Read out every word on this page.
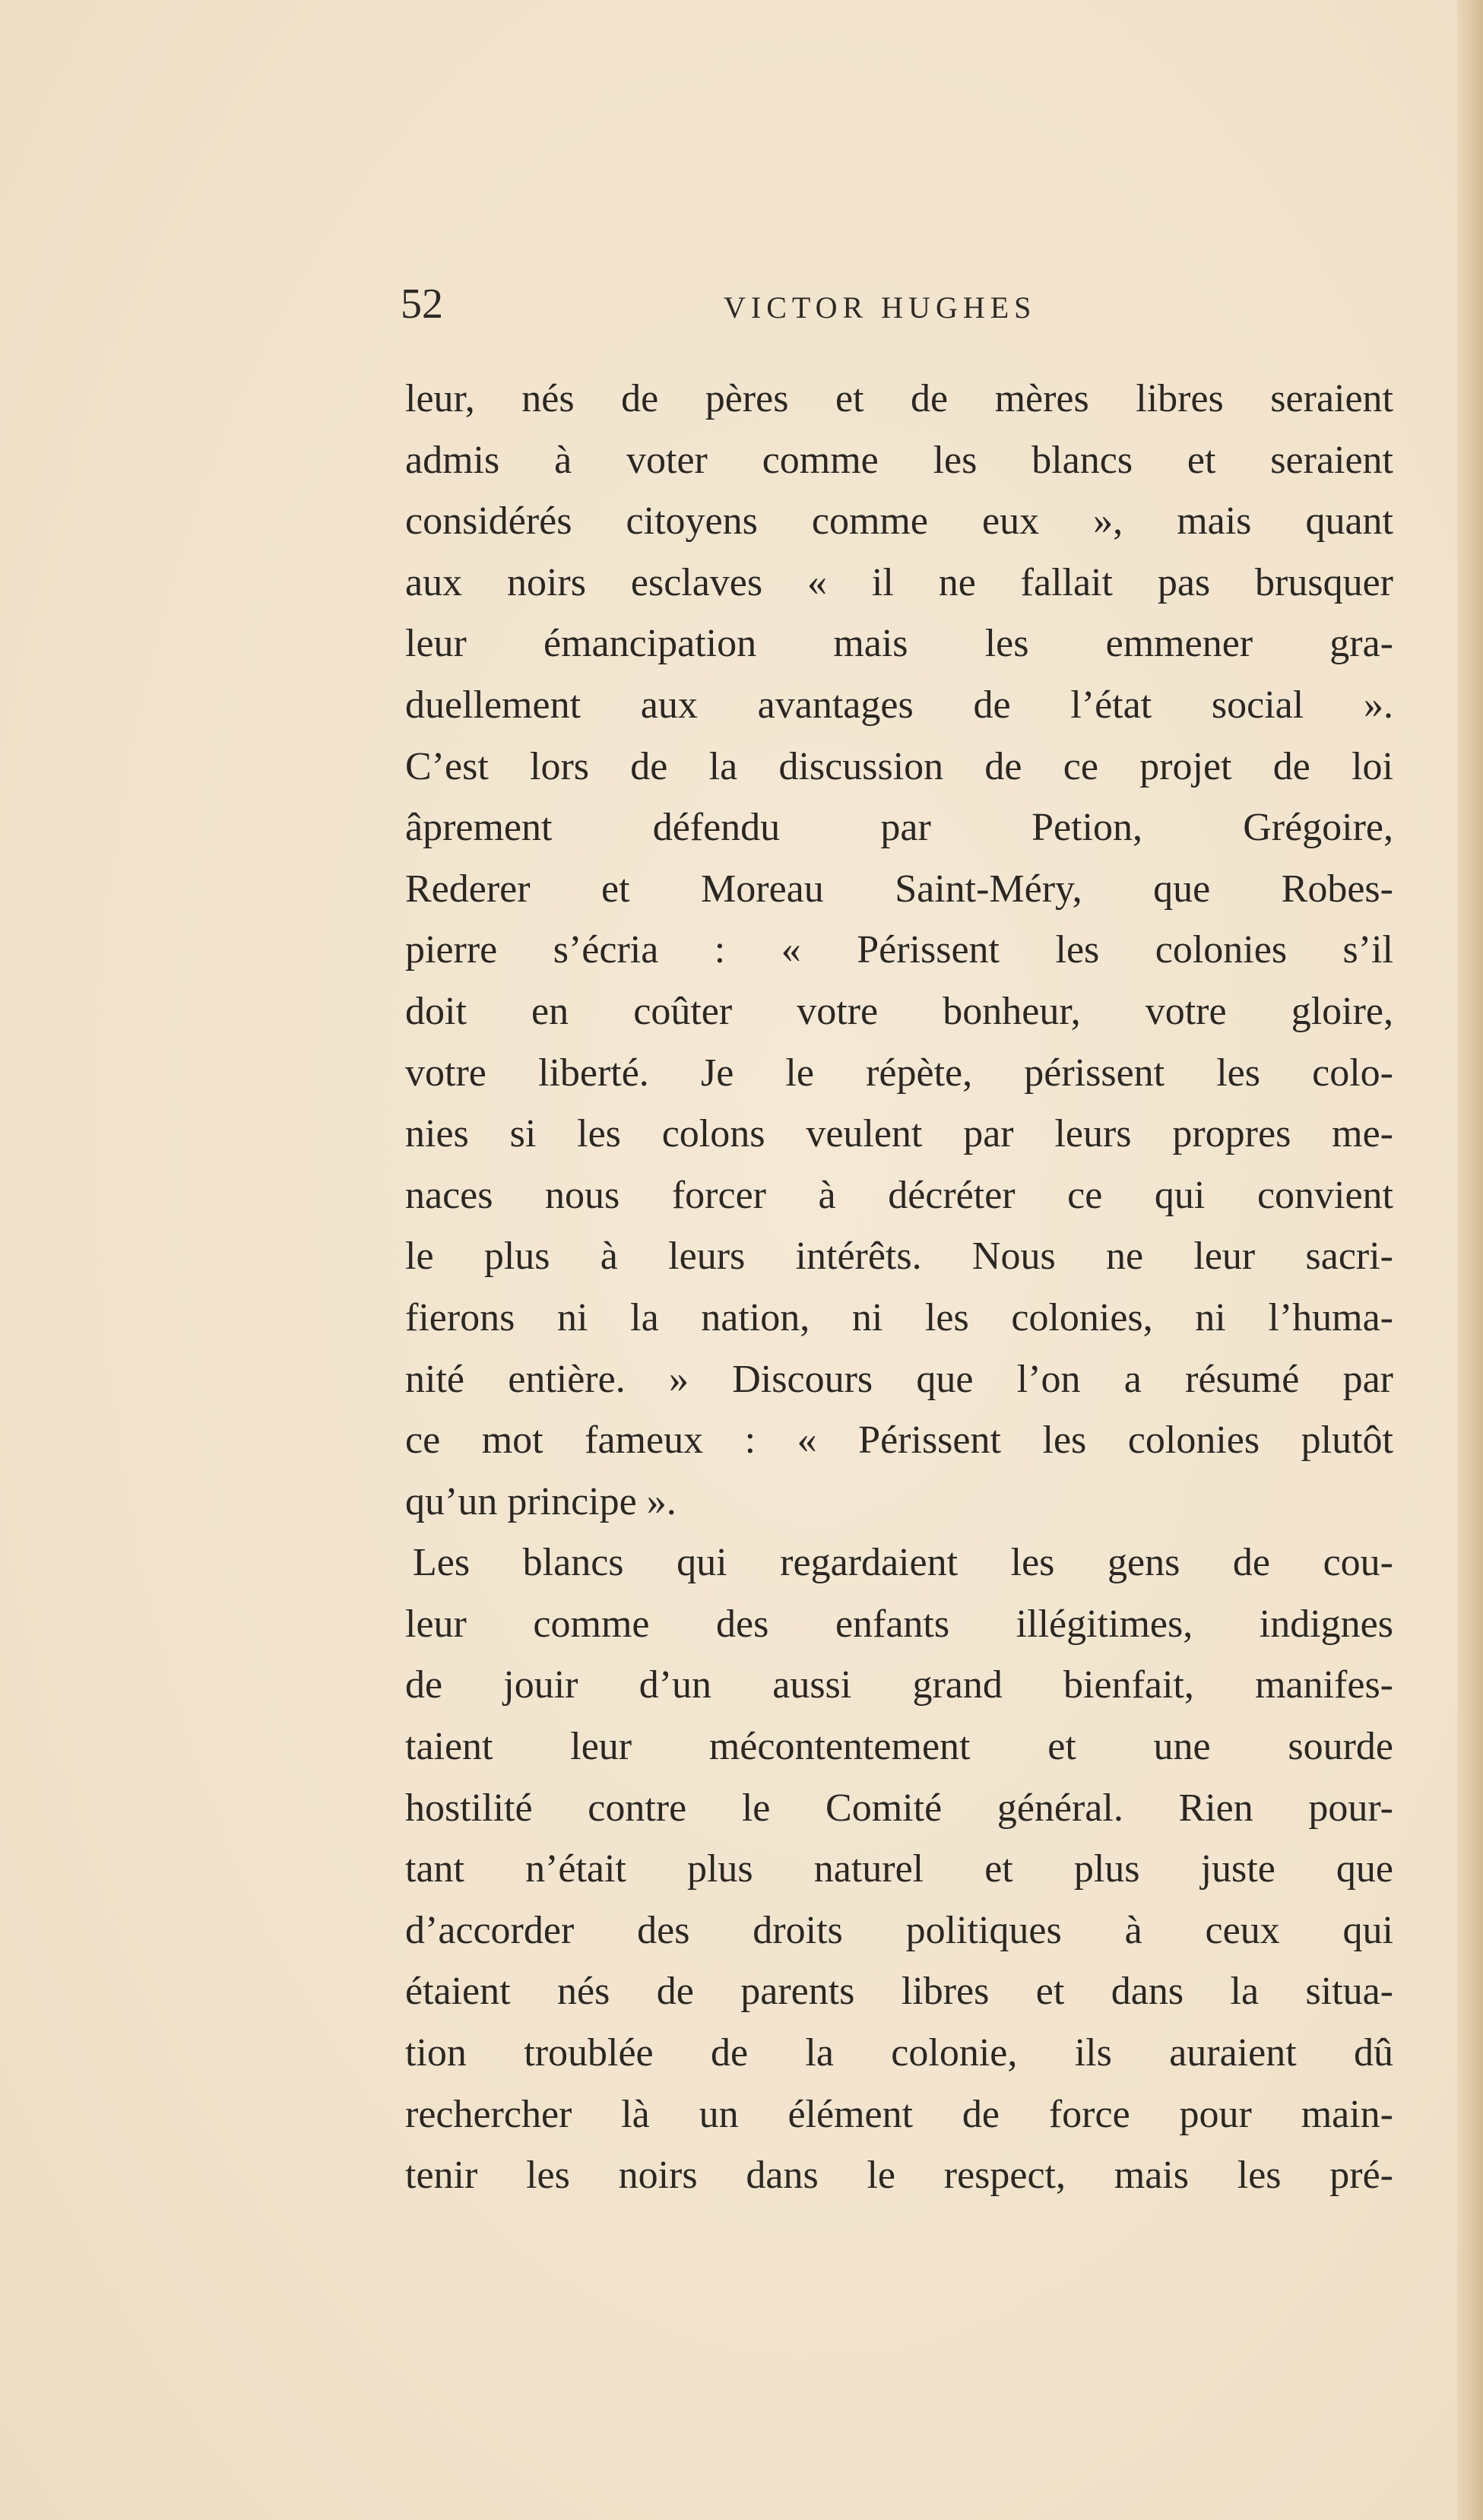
52	VICTOR HUGHES
leur, nés de pères et de mères libres seraient
admis à voter comme les blancs et seraient
considérés citoyens comme eux », mais quant
aux noirs esclaves « il ne fallait pas brusquer
leur émancipation mais les emmener gra-
duellement aux avantages de l’état social ».
C’est lors de la discussion de ce projet de loi
âprement défendu par Petion, Grégoire,
Rederer et Moreau Saint-Méry, que Robes-
pierre s’écria : « Périssent les colonies s’il
doit en coûter votre bonheur, votre gloire,
votre liberté. Je le répète, périssent les colo-
nies si les colons veulent par leurs propres me-
naces nous forcer à décréter ce qui convient
le plus à leurs intérêts. Nous ne leur sacri-
fierons ni la nation, ni les colonies, ni l’huma-
nité entière. » Discours que l’on a résumé par
ce mot fameux : « Périssent les colonies plutôt
qu’un principe ».
Les blancs qui regardaient les gens de cou-
leur comme des enfants illégitimes, indignes
de jouir d’un aussi grand bienfait, manifes-
taient leur mécontentement et une sourde
hostilité contre le Comité général. Rien pour-
tant n’était plus naturel et plus juste que
d’accorder des droits politiques à ceux qui
étaient nés de parents libres et dans la situa-
tion troublée de la colonie, ils auraient dû
rechercher là un élément de force pour main-
tenir les noirs dans le respect, mais les pré-
